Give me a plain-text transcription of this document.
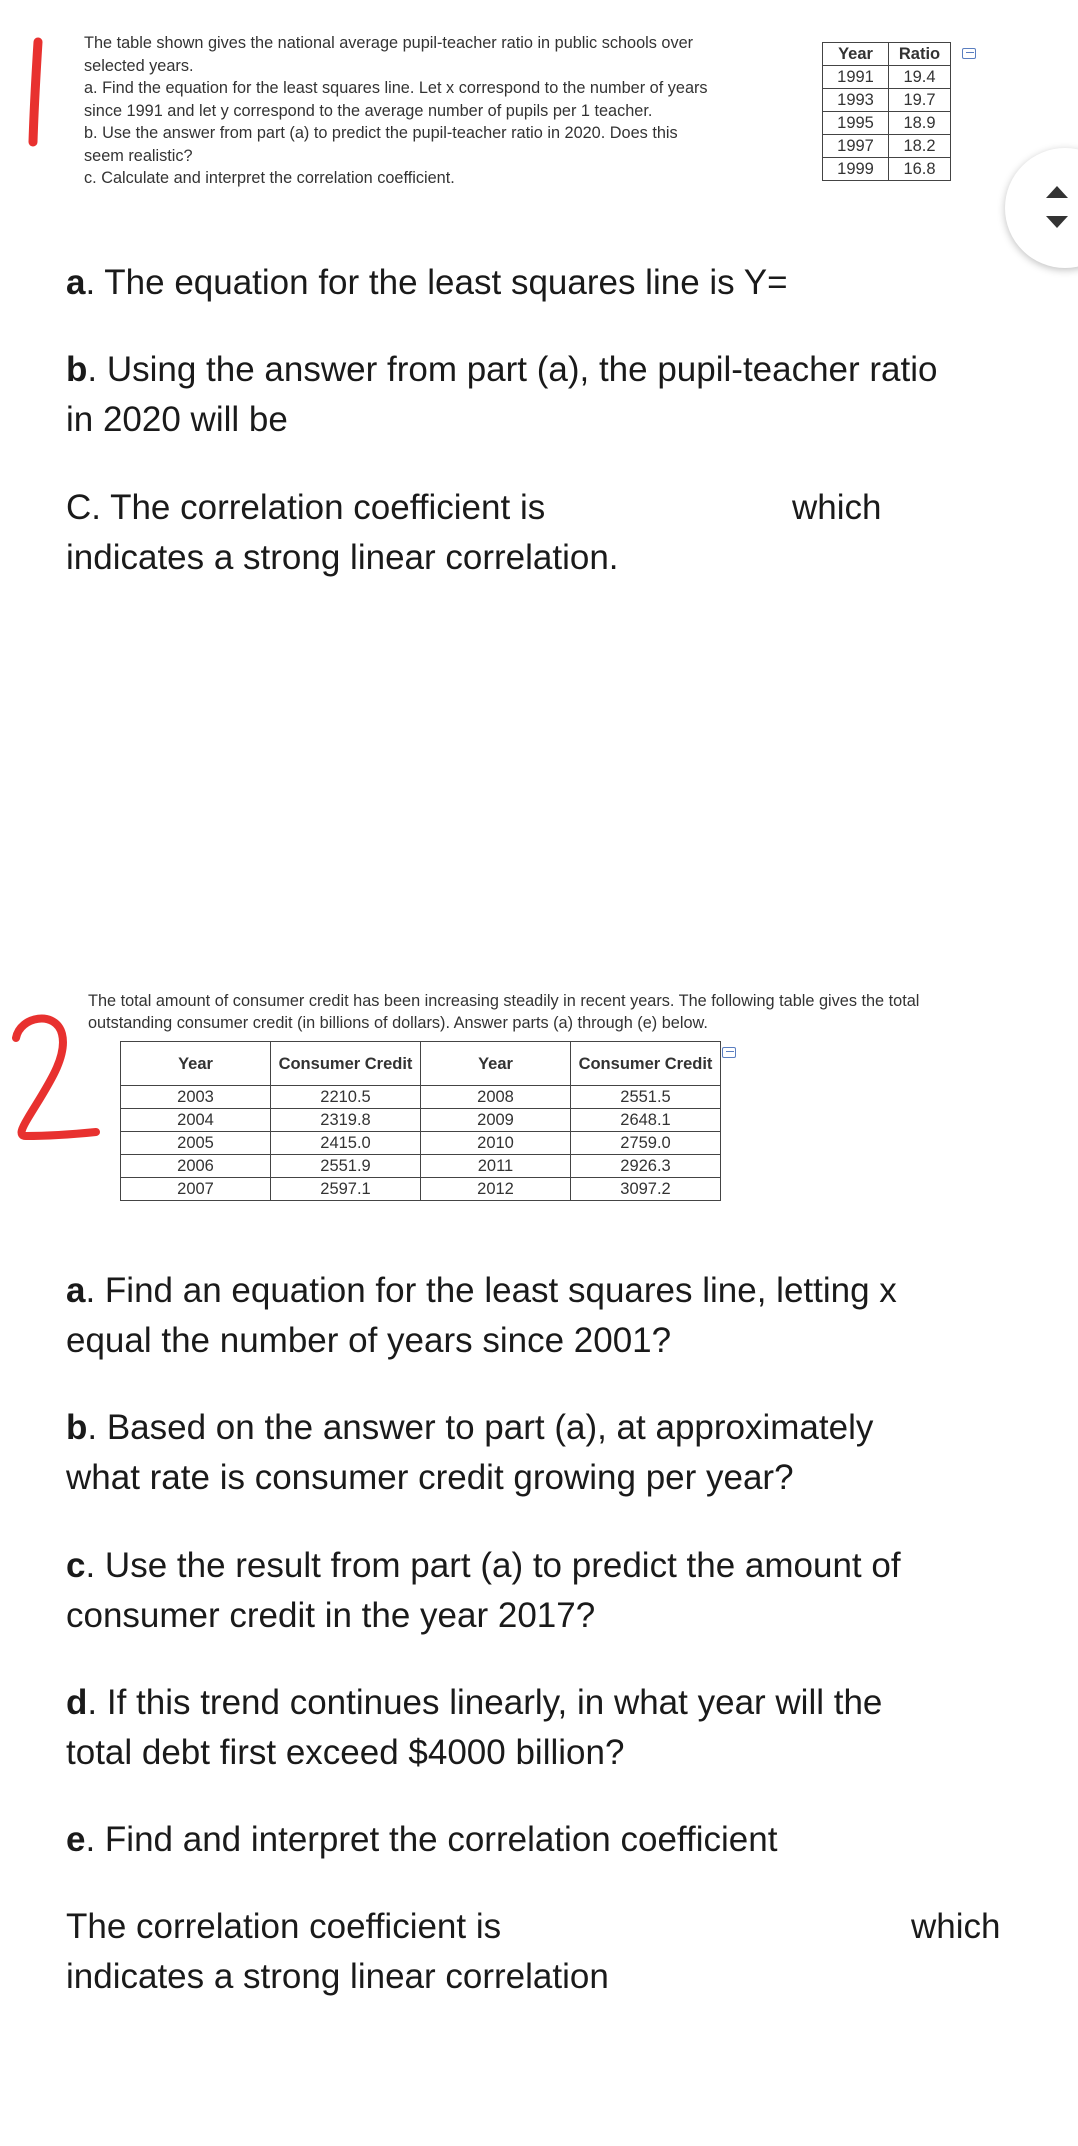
The table shown gives the national average pupil-teacher ratio in public schools over
selected years.
a. Find the equation for the least squares line. Let x correspond to the number of years
since 1991 and let y correspond to the average number of pupils per 1 teacher.
b. Use the answer from part (a) to predict the pupil-teacher ratio in 2020. Does this
seem realistic?
c. Calculate and interpret the correlation coefficient.
Year	Ratio
1991	19.4
1993	19.7
1995	18.9
1997	18.2
1999	16.8
a. The equation for the least squares line is Y=
b. Using the answer from part (a), the pupil-teacher ratio
in 2020 will be
C. The correlation coefficient is	which
indicates a strong linear correlation.
The total amount of consumer credit has been increasing steadily in recent years. The following table gives the total
outstanding consumer credit (in billions of dollars). Answer parts (a) through (e) below.
Year	Consumer Credit	Year	Consumer Credit
2003	2210.5	2008	2551.5
2004	2319.8	2009	2648.1
2005	2415.0	2010	2759.0
2006	2551.9	2011	2926.3
2007	2597.1	2012	3097.2
a. Find an equation for the least squares line, letting x
equal the number of years since 2001?
b. Based on the answer to part (a), at approximately
what rate is consumer credit growing per year?
c. Use the result from part (a) to predict the amount of
consumer credit in the year 2017?
d. If this trend continues linearly, in what year will the
total debt first exceed $4000 billion?
e. Find and interpret the correlation coefficient
The correlation coefficient is	which
indicates a strong linear correlation
